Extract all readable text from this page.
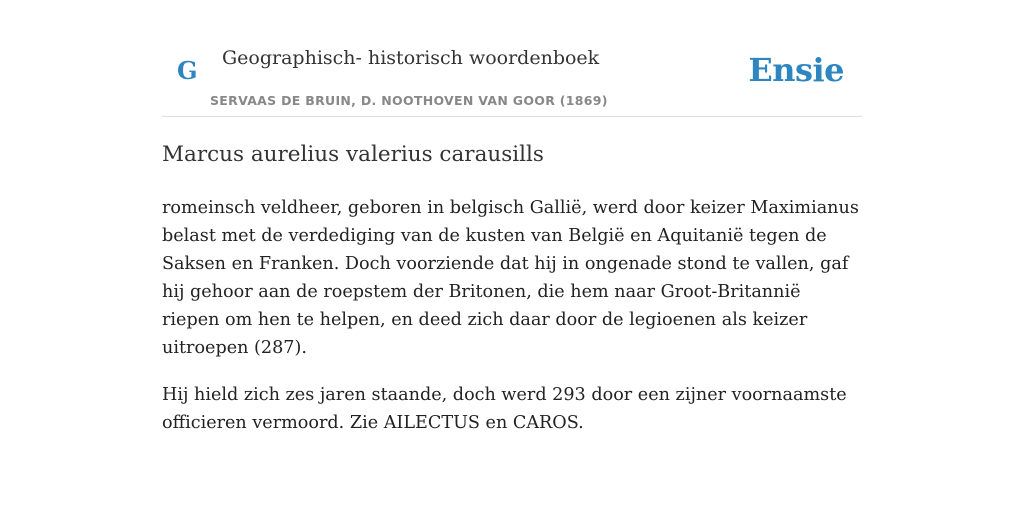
G Geographisch- historisch woordenboek
SERVAAS DE BRUIN, D. NOOTHOVEN VAN GOOR (1869)
Ensie
Marcus aurelius valerius carausills

romeinsch veldheer, geboren in belgisch Gallië, werd door keizer Maximianus belast met de verdediging van de kusten van België en Aquitanië tegen de Saksen en Franken. Doch voorziende dat hij in ongenade stond te vallen, gaf hij gehoor aan de roepstem der Britonen, die hem naar Groot-Britannië riepen om hen te helpen, en deed zich daar door de legioenen als keizer uitroepen (287).

Hij hield zich zes jaren staande, doch werd 293 door een zijner voornaamste officieren vermoord. Zie AILECTUS en CAROS.
